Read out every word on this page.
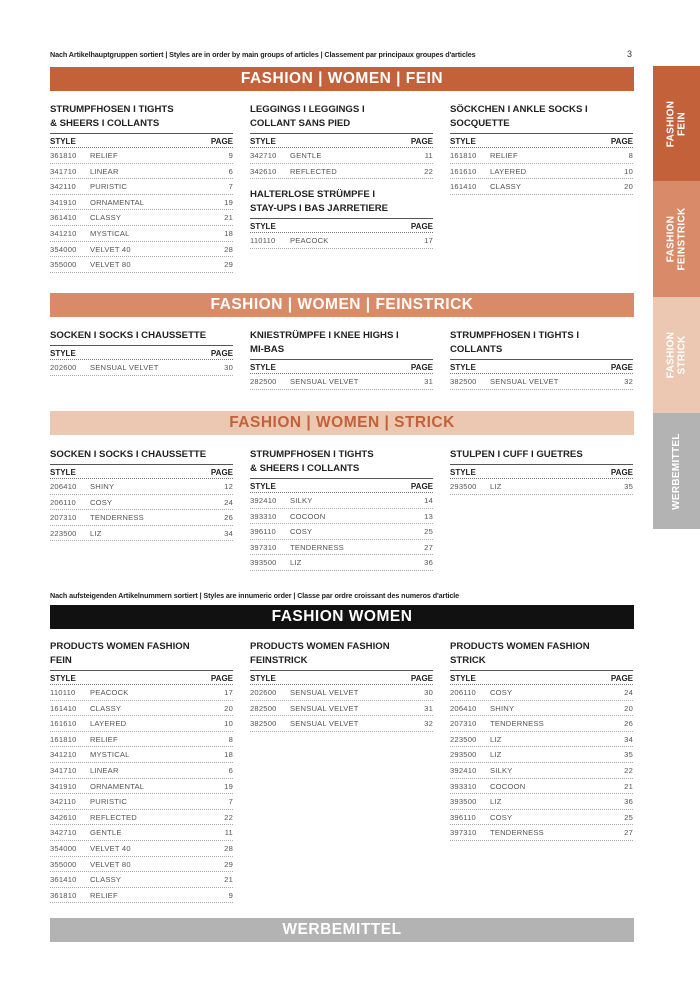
Nach Artikelhauptgruppen sortiert | Styles are in order by main groups of articles | Classement par principaux groupes d'articles	3
FASHION | WOMEN | FEIN
STRUMPFHOSEN I TIGHTS
& SHEERS I COLLANTS
STYLE	PAGE
361810	RELIEF	9
341710	LINEAR	6
342110	PURISTIC	7
341910	ORNAMENTAL	19
361410	CLASSY	21
341210	MYSTICAL	18
354000	VELVET 40	28
355000	VELVET 80	29
LEGGINGS I LEGGINGS I
COLLANT SANS PIED
STYLE	PAGE
342710	GENTLE	11
342610	REFLECTED	22
HALTERLOSE STRÜMPFE I
STAY-UPS I BAS JARRETIERE
STYLE	PAGE
110110	PEACOCK	17
SÖCKCHEN I ANKLE SOCKS I
SOCQUETTE
STYLE	PAGE
161810	RELIEF	8
161610	LAYERED	10
161410	CLASSY	20
FASHION | WOMEN | FEINSTRICK
SOCKEN I SOCKS I CHAUSSETTE
STYLE	PAGE
202600	SENSUAL VELVET	30
KNIESTRÜMPFE I KNEE HIGHS I
MI-BAS
STYLE	PAGE
282500	SENSUAL VELVET	31
STRUMPFHOSEN I TIGHTS I
COLLANTS
STYLE	PAGE
382500	SENSUAL VELVET	32
FASHION | WOMEN | STRICK
SOCKEN I SOCKS I CHAUSSETTE
STYLE	PAGE
206410	SHINY	12
206110	COSY	24
207310	TENDERNESS	26
223500	LIZ	34
STRUMPFHOSEN I TIGHTS
& SHEERS I COLLANTS
STYLE	PAGE
392410	SILKY	14
393310	COCOON	13
396110	COSY	25
397310	TENDERNESS	27
393500	LIZ	36
STULPEN I CUFF I GUETRES
STYLE	PAGE
293500	LIZ	35
Nach aufsteigenden Artikelnummern sortiert | Styles are innumeric order | Classe par ordre croissant des numeros d'article
FASHION WOMEN
PRODUCTS WOMEN FASHION
FEIN
STYLE	PAGE
110110	PEACOCK	17
161410	CLASSY	20
161610	LAYERED	10
161810	RELIEF	8
341210	MYSTICAL	18
341710	LINEAR	6
341910	ORNAMENTAL	19
342110	PURISTIC	7
342610	REFLECTED	22
342710	GENTLE	11
354000	VELVET 40	28
355000	VELVET 80	29
361410	CLASSY	21
361810	RELIEF	9
PRODUCTS WOMEN FASHION
FEINSTRICK
STYLE	PAGE
202600	SENSUAL VELVET	30
282500	SENSUAL VELVET	31
382500	SENSUAL VELVET	32
PRODUCTS WOMEN FASHION
STRICK
STYLE	PAGE
206110	COSY	24
206410	SHINY	20
207310	TENDERNESS	26
223500	LIZ	34
293500	LIZ	35
392410	SILKY	22
393310	COCOON	21
393500	LIZ	36
396110	COSY	25
397310	TENDERNESS	27
WERBEMITTEL
FASHION
FEIN
FASHION
FEINSTRICK
FASHION
STRICK
WERBEMITTEL
